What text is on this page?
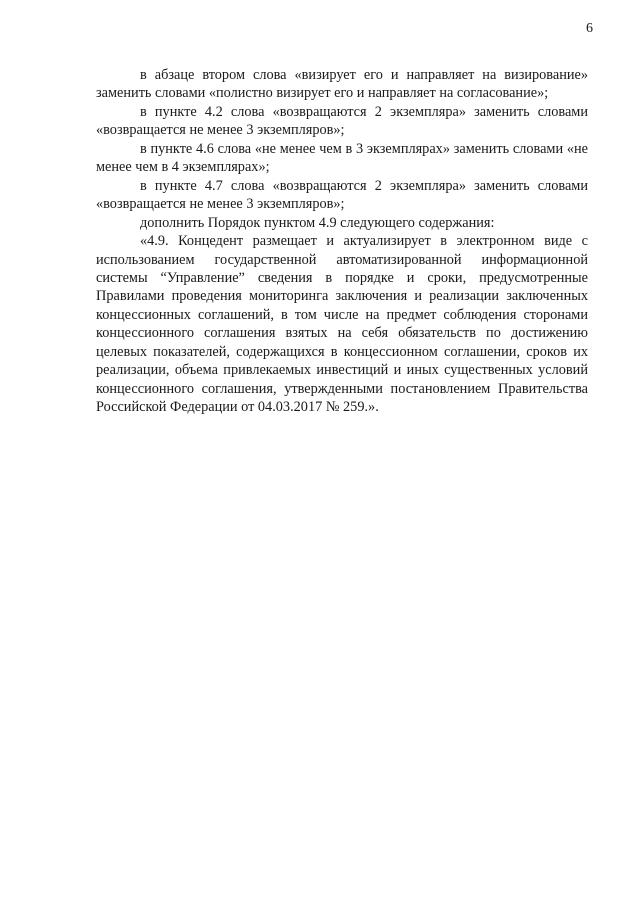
6

в абзаце втором слова «визирует его и направляет на визирование» заменить словами «полистно визирует его и направляет на согласование»;

в пункте 4.2 слова «возвращаются 2 экземпляра» заменить словами «возвращается не менее 3 экземпляров»;

в пункте 4.6 слова «не менее чем в 3 экземплярах» заменить словами «не менее чем в 4 экземплярах»;

в пункте 4.7 слова «возвращаются 2 экземпляра» заменить словами «возвращается не менее 3 экземпляров»;

дополнить Порядок пунктом 4.9 следующего содержания:

«4.9. Концедент размещает и актуализирует в электронном виде с использованием государственной автоматизированной информационной системы “Управление” сведения в порядке и сроки, предусмотренные Правилами проведения мониторинга заключения и реализации заключенных концессионных соглашений, в том числе на предмет соблюдения сторонами концессионного соглашения взятых на себя обязательств по достижению целевых показателей, содержащихся в концессионном соглашении, сроков их реализации, объема привлекаемых инвестиций и иных существенных условий концессионного соглашения, утвержденными постановлением Правительства Российской Федерации от 04.03.2017 № 259.».
